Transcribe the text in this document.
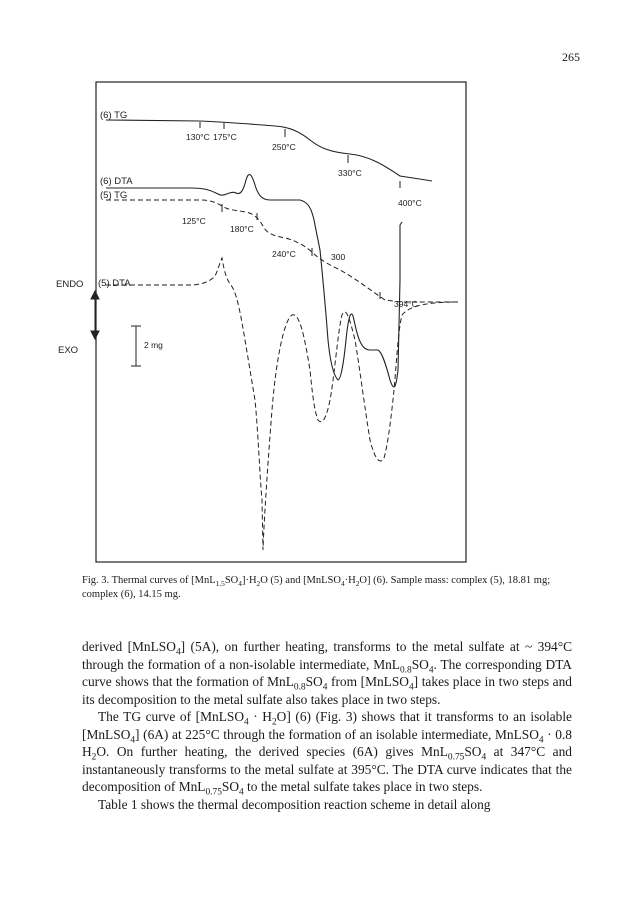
265
(6) TG
(6) DTA
(5) TG
(5) DTA
ENDO
EXO	2 mg
130°C 175°C
250°C
330°C
400°C
125°C
180°C
240°C	300
394°C
Fig. 3. Thermal curves of $[MnL_{1.5}SO_4]\cdot H_2O$ (5) and $[MnLSO_4\cdot H_2O]$ (6). Sample mass: complex (5), 18.81 mg; complex (6), 14.15 mg.

derived [MnLSO$_4$] (5A), on further heating, transforms to the metal sulfate at ~ 394°C through the formation of a non-isolable intermediate, $MnL_{0.8}SO_4$. The corresponding DTA curve shows that the formation of $MnL_{0.8}SO_4$ from [MnLSO$_4$] takes place in two steps and its decomposition to the metal sulfate also takes place in two steps.

The TG curve of [MnLSO$_4$ · $H_2O$] (6) (Fig. 3) shows that it transforms to an isolable [MnLSO$_4$] (6A) at 225°C through the formation of an isolable intermediate, MnLSO$_4$ · 0.8 $H_2O$. On further heating, the derived species (6A) gives $MnL_{0.75}SO_4$ at 347°C and instantaneously transforms to the metal sulfate at 395°C. The DTA curve indicates that the decomposition of $MnL_{0.75}SO_4$ to the metal sulfate takes place in two steps.

Table 1 shows the thermal decomposition reaction scheme in detail along
